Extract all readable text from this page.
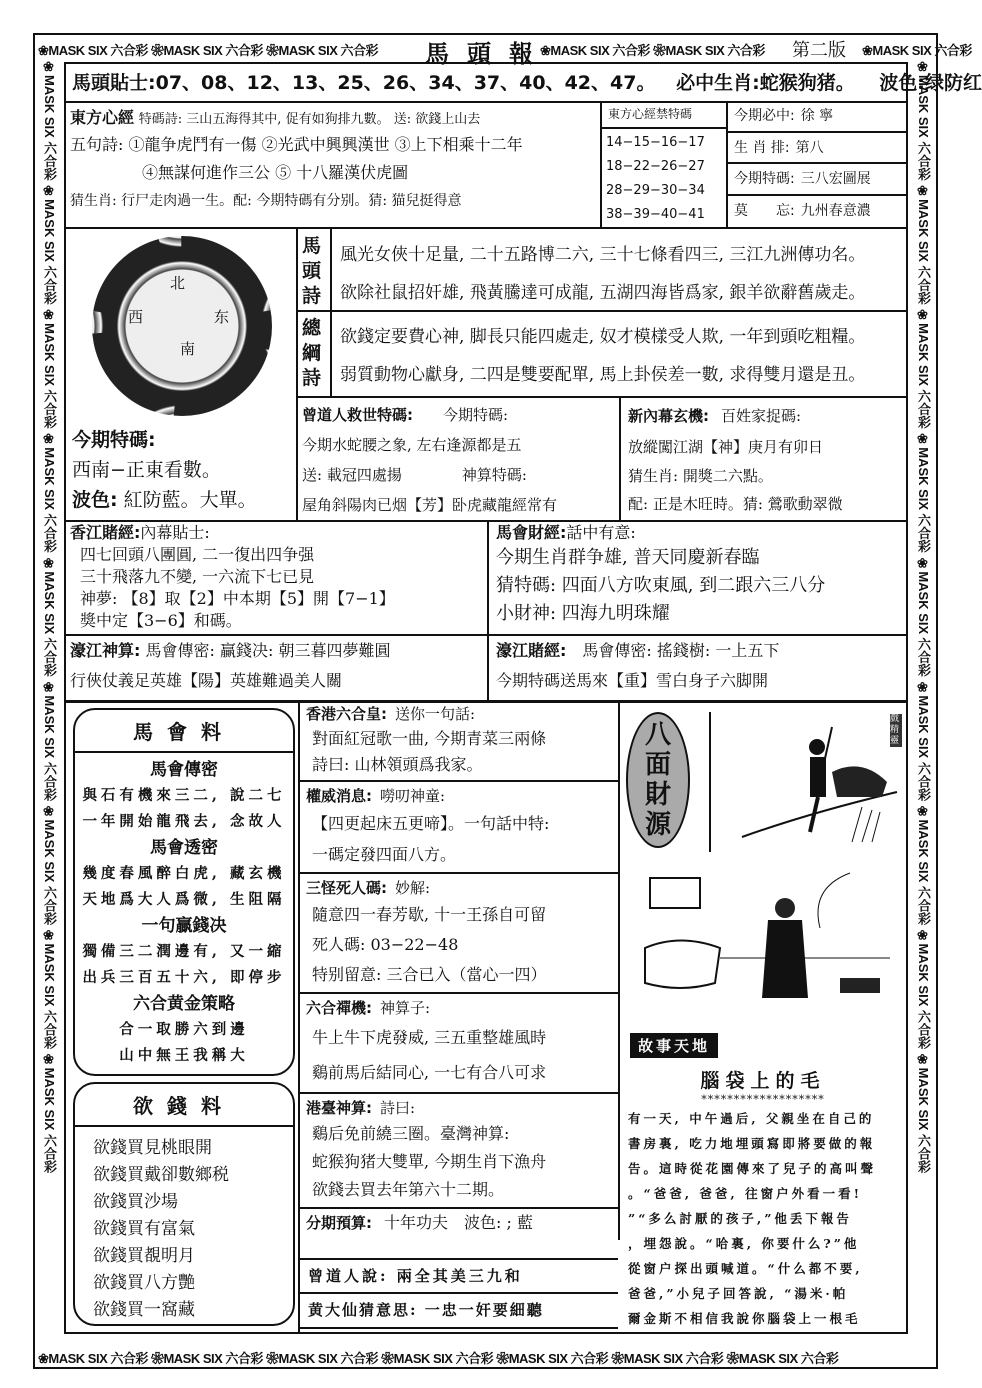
❀MASK SIX 六合彩 ❀MASK SIX 六合彩 ❀MASK SIX 六合彩	馬頭報
❀MASK SIX 六合彩 ❀MASK SIX 六合彩	第二版 ❀MASK SIX 六合彩
❀MASK SIX 六合彩 ❀MASK SIX 六合彩 ❀MASK SIX 六合彩 ❀MASK SIX 六合彩 ❀MASK SIX 六合彩 ❀MASK SIX 六合彩 ❀MASK SIX 六合彩
❀MASK SIX 六合彩 ❀MASK SIX 六合彩 ❀MASK SIX 六合彩 ❀MASK SIX 六合彩 ❀MASK SIX 六合彩 ❀MASK SIX 六合彩 ❀MASK SIX 六合彩 ❀MASK SIX 六合彩 ❀MASK SIX 六合彩
❀MASK SIX 六合彩 ❀MASK SIX 六合彩 ❀MASK SIX 六合彩 ❀MASK SIX 六合彩 ❀MASK SIX 六合彩 ❀MASK SIX 六合彩 ❀MASK SIX 六合彩 ❀MASK SIX 六合彩 ❀MASK SIX 六合彩
馬頭貼士:07、08、12、13、25、26、34、37、40、42、47。 必中生肖:蛇猴狗猪。 波色:绿防红
東方心經 特碼詩: 三山五海得其中, 促有如狗排九數。 送: 欲錢上山去
五句詩: ①龍争虎鬥有一傷 ②光武中興興漢世 ③上下相乘十二年
④無謀何進作三公 ⑤ 十八羅漢伏虎圖
猜生肖: 行尸走肉過一生。配: 今期特碼有分别。猜: 猫兒挺得意
東方心經禁特碼
14−15−16−17
18−22−26−27
28−29−30−34
38−39−40−41
今期必中: 徐 寧
生 肖 排: 第八
今期特碼: 三八宏圖展
莫　　忘: 九州春意濃
北
西	东
南
今期特碼:
西南−正東看數。
波色: 紅防藍。大單。
馬頭詩
風光女俠十足量, 二十五路博二六, 三十七條看四三, 三江九洲傳功名。
欲除社鼠招奸雄, 飛黃騰達可成龍, 五湖四海皆爲家, 銀羊欲辭舊歲走。
總綱詩
欲錢定要費心神, 脚長只能四處走, 奴才模樣受人欺, 一年到頭吃粗糧。
弱質動物心獻身, 二四是雙要配單, 馬上卦侯差一數, 求得雙月還是丑。
曾道人救世特碼: 今期特碼:
今期水蛇腰之象, 左右逢源都是五
送: 載冠四處揚	神算特碼:
屋角斜陽肉已烟【芳】卧虎藏龍經常有
新內幕玄機: 百姓家捉碼:
放縱闖江湖【神】庚月有卯日
猜生肖: 開獎二六點。
配: 正是木旺時。猜: 鶯歌動翠微
香江賭經:內幕貼士:
四七回頭八團圓, 二一復出四争强
三十飛落九不變, 一六流下七已見
神夢: 【8】取【2】中本期【5】開【7−1】
獎中定【3−6】和碼。
馬會財經:話中有意:
今期生肖群争雄, 普天同慶新春臨
猜特碼: 四面八方吹東風, 到二跟六三八分
小財神: 四海九明珠耀
濠江神算: 馬會傳密: 贏錢决: 朝三暮四夢難圓
行俠仗義足英雄【陽】英雄難過美人關
濠江賭經:　 馬會傳密: 搖錢樹: 一上五下
今期特碼送馬來【重】雪白身子六脚開
馬會料
馬會傳密
與石有機來三二, 說二七
一年開始龍飛去, 念故人
馬會透密
幾度春風醉白虎, 藏玄機
天地爲大人爲微, 生阻隔
一句贏錢决
獨備三二潤邊有, 又一縮
出兵三百五十六, 即停步
六合黄金策略
合一取勝六到邊
山中無王我稱大
欲錢料
欲錢買見桃眼開
欲錢買戴卻數鄉税
欲錢買沙場
欲錢買有富氣
欲錢買覩明月
欲錢買八方艷
欲錢買一窩藏
香港六合皇: 送你一句話:
對面紅冠歌一曲, 今期青菜三兩條
詩曰: 山林領頭爲我家。
權威消息: 嘮叨神童:
【四更起床五更啼】。一句話中特:
一碼定發四面八方。
三怪死人碼: 妙解:
隨意四一春芳歇, 十一王孫自可留
死人碼: 03−22−48
特别留意: 三合已入（當心一四）
六合禪機: 神算子:
牛上牛下虎發威, 三五重整雄風時
鷄前馬后結同心, 一七有合八可求
港臺神算: 詩曰:
鷄后免前繞三圈。臺灣神算:
蛇猴狗猪大雙單, 今期生肖下漁舟
欲錢去買去年第六十二期。
分期預算: 十年功夫　波色: ; 藍
曾道人說: 兩全其美三九和
黄大仙猜意思: 一忠一奸要細聽
八面財源
戲精靈
故事天地
腦袋上的毛
*******************
有一天, 中午過后, 父親坐在自己的
書房裏, 吃力地埋頭寫即將要做的報
告。這時從花園傳來了兒子的高叫聲
。“爸爸, 爸爸, 往窗户外看一看!
”“多么討厭的孩子,”他丢下報告
，埋怨說。“哈裏, 你要什么?”他
從窗户探出頭喊道。“什么都不要,
爸爸,”小兒子回答說, “湯米·帕
爾金斯不相信我說你腦袋上一根毛
